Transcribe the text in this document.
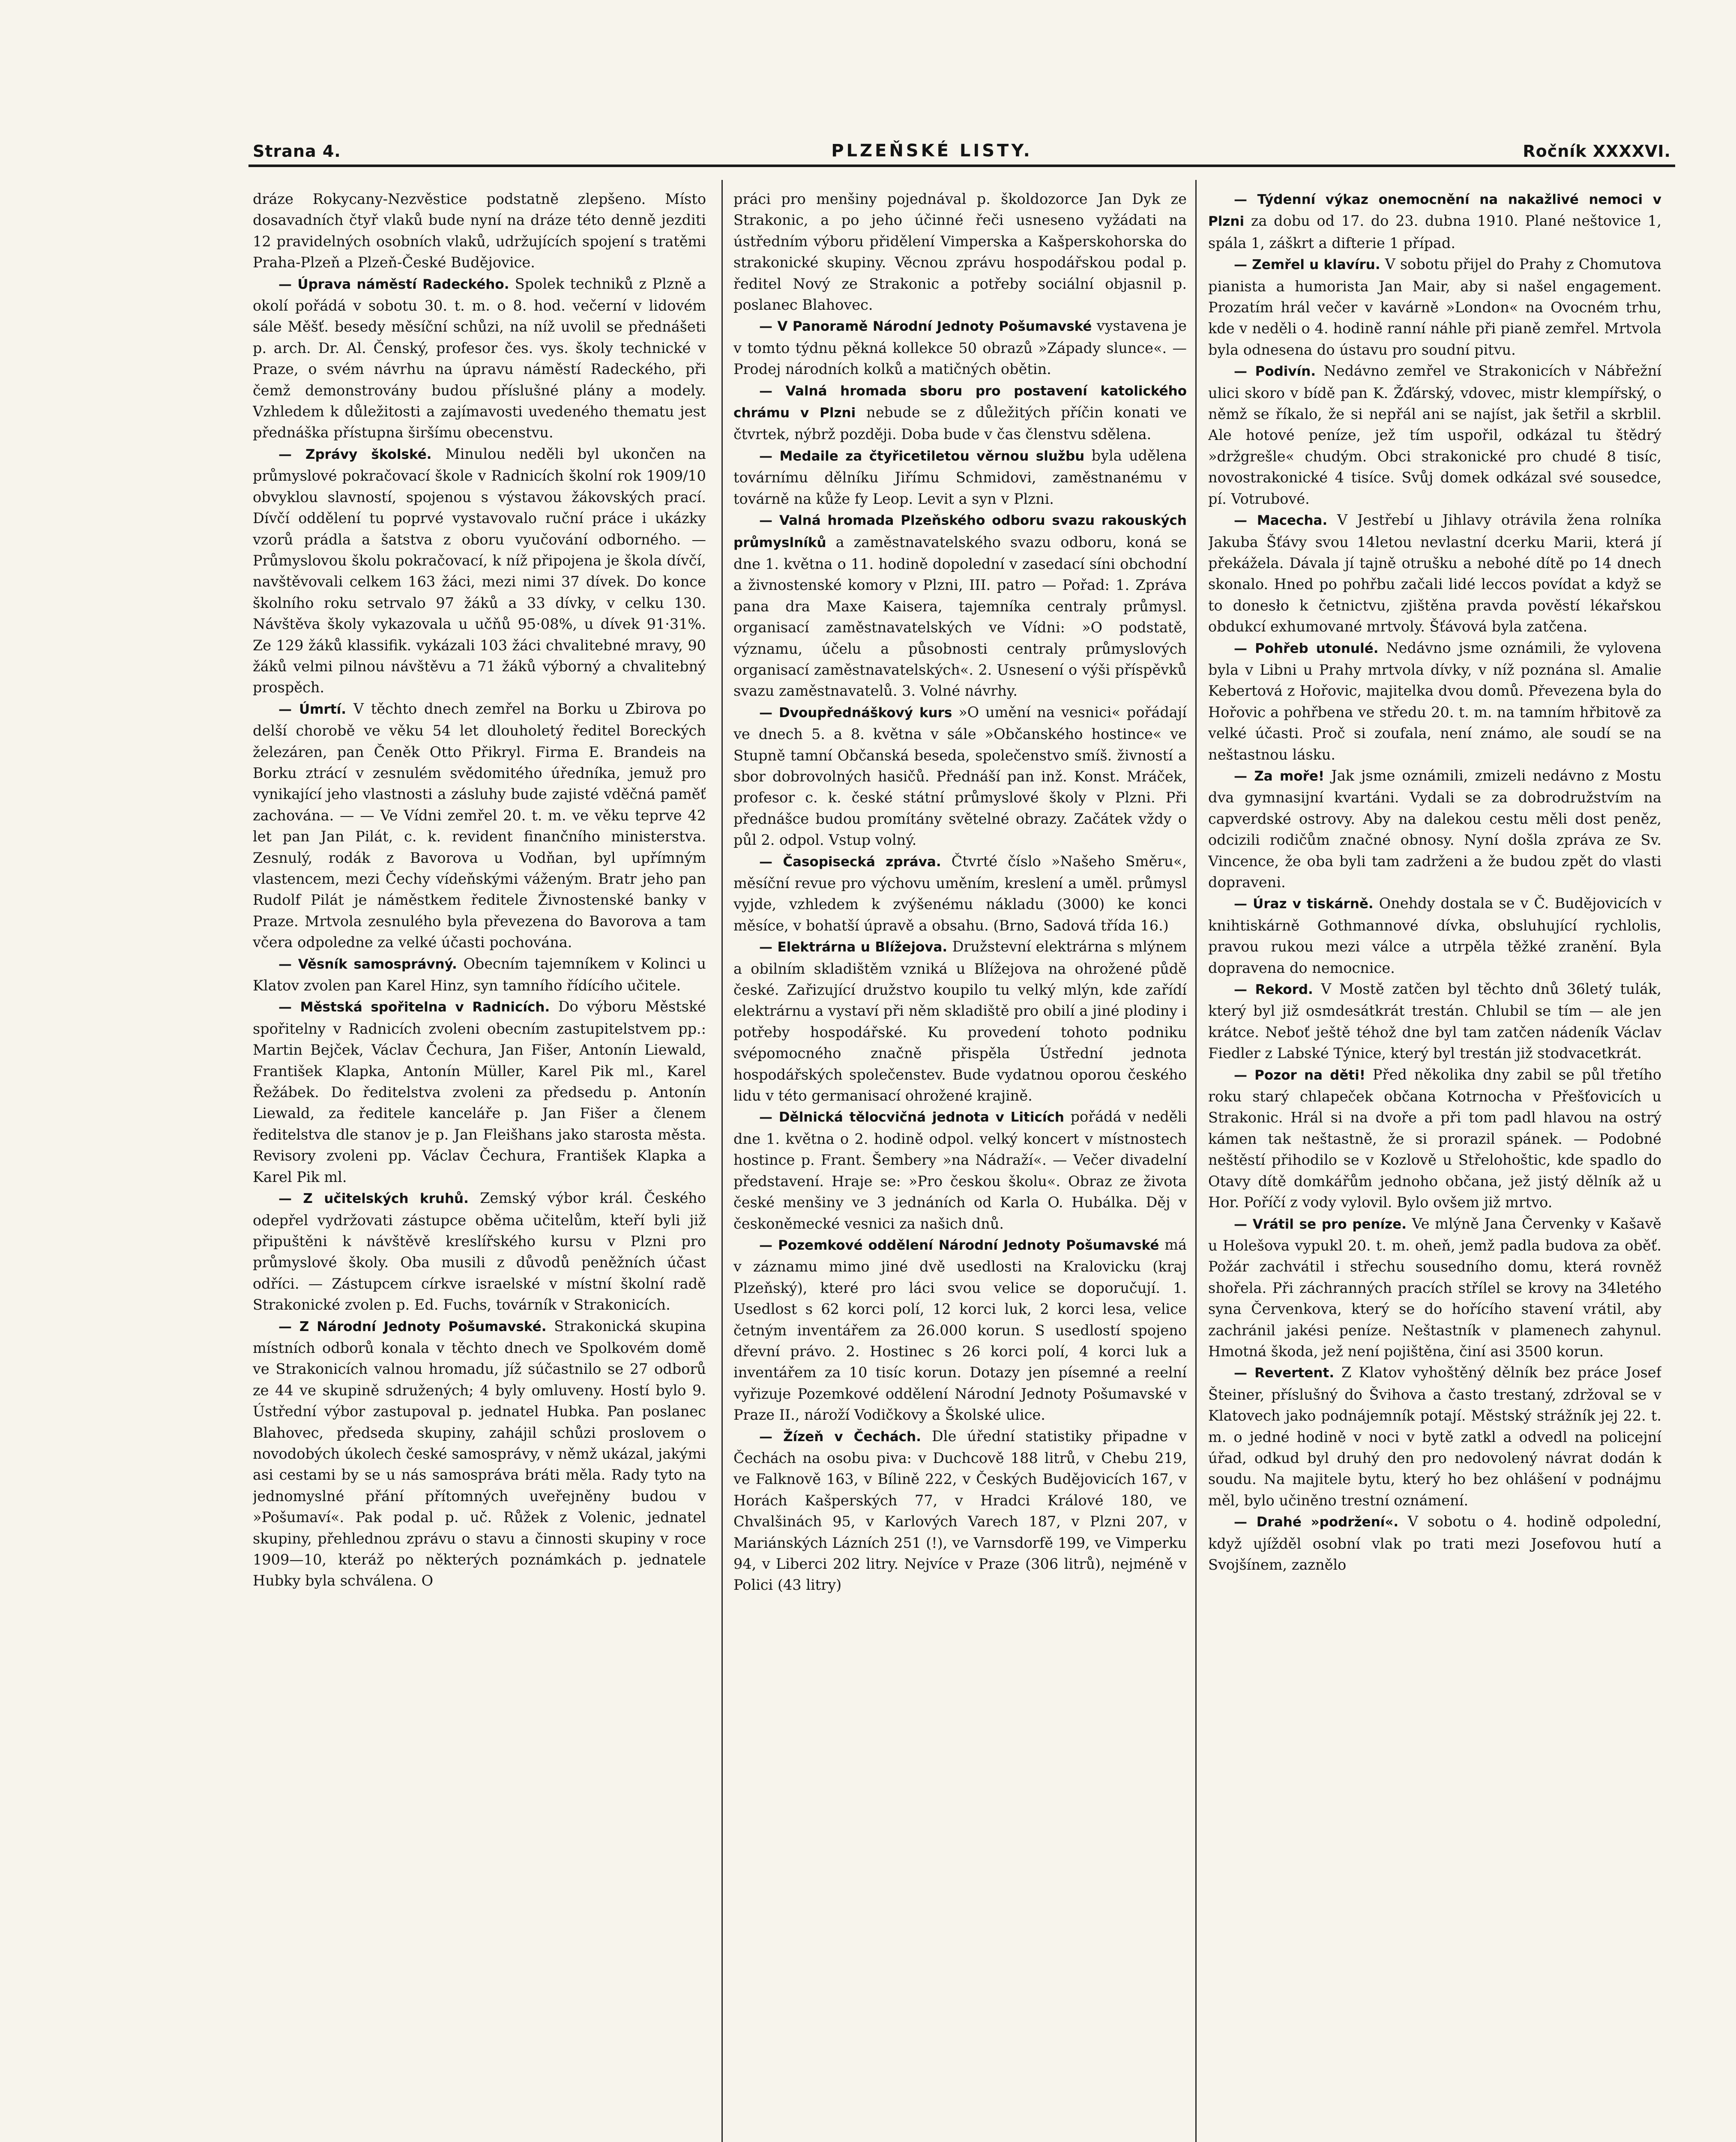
Strana 4.	PLZEŇSKÉ LISTY.	Ročník XXXXVI.

dráze Rokycany-Nezvěstice podstatně zlepšeno. Místo dosavadních čtyř vlaků bude nyní na dráze této denně jezditi 12 pravidelných osobních vlaků, udržujících spojení s tratěmi Praha-Plzeň a Plzeň-České Budějovice.

— Úprava náměstí Radeckého. Spolek techniků z Plzně a okolí pořádá v sobotu 30. t. m. o 8. hod. večerní v lidovém sále Měšť. besedy měsíční schůzi, na níž uvolil se přednášeti p. arch. Dr. Al. Čenský, profesor čes. vys. školy technické v Praze, o svém návrhu na úpravu náměstí Radeckého, při čemž demonstrovány budou příslušné plány a modely. Vzhledem k důležitosti a zajímavosti uvedeného thematu jest přednáška přístupna širšímu obecenstvu.

— Zprávy školské. Minulou neděli byl ukončen na průmyslové pokračovací škole v Radnicích školní rok 1909/10 obvyklou slavností, spojenou s výstavou žákovských prací. Dívčí oddělení tu poprvé vystavovalo ruční práce i ukázky vzorů prádla a šatstva z oboru vyučování odborného. — Průmyslovou školu pokračovací, k níž připojena je škola dívčí, navštěvovali celkem 163 žáci, mezi nimi 37 dívek. Do konce školního roku setrvalo 97 žáků a 33 dívky, v celku 130. Návštěva školy vykazovala u učňů 95·08%, u dívek 91·31%. Ze 129 žáků klassifik. vykázali 103 žáci chvalitebné mravy, 90 žáků velmi pilnou návštěvu a 71 žáků výborný a chvalitebný prospěch.

— Úmrtí. V těchto dnech zemřel na Borku u Zbirova po delší chorobě ve věku 54 let dlouholetý ředitel Boreckých železáren, pan Čeněk Otto Přikryl. Firma E. Brandeis na Borku ztrácí v zesnulém svědomitého úředníka, jemuž pro vynikající jeho vlastnosti a zásluhy bude zajisté vděčná paměť zachována. — — Ve Vídni zemřel 20. t. m. ve věku teprve 42 let pan Jan Pilát, c. k. revident finančního ministerstva. Zesnulý, rodák z Bavorova u Vodňan, byl upřímným vlastencem, mezi Čechy vídeňskými váženým. Bratr jeho pan Rudolf Pilát je náměstkem ředitele Živnostenské banky v Praze. Mrtvola zesnulého byla převezena do Bavorova a tam včera odpoledne za velké účasti pochována.

— Věsník samosprávný. Obecním tajemníkem v Kolinci u Klatov zvolen pan Karel Hinz, syn tamního řídícího učitele.

— Městská spořitelna v Radnicích. Do výboru Městské spořitelny v Radnicích zvoleni obecním zastupitelstvem pp.: Martin Bejček, Václav Čechura, Jan Fišer, Antonín Liewald, František Klapka, Antonín Müller, Karel Pik ml., Karel Řežábek. Do ředitelstva zvoleni za předsedu p. Antonín Liewald, za ředitele kanceláře p. Jan Fišer a členem ředitelstva dle stanov je p. Jan Fleišhans jako starosta města. Revisory zvoleni pp. Václav Čechura, František Klapka a Karel Pik ml.

— Z učitelských kruhů. Zemský výbor král. Českého odepřel vydržovati zástupce oběma učitelům, kteří byli již připuštěni k návštěvě kreslířského kursu v Plzni pro průmyslové školy. Oba musili z důvodů peněžních účast odříci. — Zástupcem církve israelské v místní školní radě Strakonické zvolen p. Ed. Fuchs, továrník v Strakonicích.

— Z Národní Jednoty Pošumavské. Strakonická skupina místních odborů konala v těchto dnech ve Spolkovém domě ve Strakonicích valnou hromadu, jíž súčastnilo se 27 odborů ze 44 ve skupině sdružených; 4 byly omluveny. Hostí bylo 9. Ústřední výbor zastupoval p. jednatel Hubka. Pan poslanec Blahovec, předseda skupiny, zahájil schůzi proslovem o novodobých úkolech české samosprávy, v němž ukázal, jakými asi cestami by se u nás samosprávа bráti měla. Rady tyto na jednomyslné přání přítomných uveřejněny budou v »Pošumaví«. Pak podal p. uč. Růžek z Volenic, jednatel skupiny, přehlednou zprávu o stavu a činnosti skupiny v roce 1909—10, kteráž po některých poznámkách p. jednatele Hubky byla schválena. O

práci pro menšiny pojednával p. školdozorce Jan Dyk ze Strakonic, a po jeho účinné řeči usneseno vyžádati na ústředním výboru přidělení Vimperska a Kašperskohorska do strakonické skupiny. Věcnou zprávu hospodářskou podal p. ředitel Nový ze Strakonic a potřeby sociální objasnil p. poslanec Blahovec.

— V Panoramě Národní Jednoty Pošumavské vystavena je v tomto týdnu pěkná kollekce 50 obrazů »Západy slunce«. — Prodej národních kolků a matičných obětin.

— Valná hromada sboru pro postavení katolického chrámu v Plzni nebude se z důležitých příčin konati ve čtvrtek, nýbrž později. Doba bude v čas členstvu sdělena.

— Medaile za čtyřicetiletou věrnou službu byla udělena továrnímu dělníku Jiřímu Schmidovi, zaměstnanému v továrně na kůže fy Leop. Levit a syn v Plzni.

— Valná hromada Plzeňského odboru svazu rakouských průmyslníků a zaměstnavatelského svazu odboru, koná se dne 1. května o 11. hodině dopolední v zasedací síni obchodní a živnostenské komory v Plzni, III. patro — Pořad: 1. Zpráva pana dra Maxe Kaisera, tajemníka centraly průmysl. organisací zaměstnavatelských ve Vídni: »O podstatě, významu, účelu a působnosti centraly průmyslových organisací zaměstnavatelských«. 2. Usnesení o výši příspěvků svazu zaměstnavatelů. 3. Volné návrhy.

— Dvoupřednáškový kurs »O umění na vesnici« pořádají ve dnech 5. a 8. května v sále »Občanského hostince« ve Stupně tamní Občanská beseda, společenstvo smíš. živností a sbor dobrovolných hasičů. Přednáší pan inž. Konst. Mráček, profesor c. k. české státní průmyslové školy v Plzni. Při přednášce budou promítány světelné obrazy. Začátek vždy o půl 2. odpol. Vstup volný.

— Časopisecká zpráva. Čtvrté číslo »Našeho Směru«, měsíční revue pro výchovu uměním, kreslení a uměl. průmysl vyjde, vzhledem k zvýšenému nákladu (3000) ke konci měsíce, v bohatší úpravě a obsahu. (Brno, Sadová třída 16.)

— Elektrárna u Blížejova. Družstevní elektrárna s mlýnem a obilním skladištěm vzniká u Blížejova na ohrožené půdě české. Zařizující družstvo koupilo tu velký mlýn, kde zařídí elektrárnu a vystaví při něm skladiště pro obilí a jiné plodiny i potřeby hospodářské. Ku provedení tohoto podniku svépomocného značně přispěla Ústřední jednota hospodářských společenstev. Bude vydatnou oporou českého lidu v této germanisací ohrožené krajině.

— Dělnická tělocvičná jednota v Liticích pořádá v neděli dne 1. května o 2. hodině odpol. velký koncert v místnostech hostince p. Frant. Šembery »na Nádraží«. — Večer divadelní představení. Hraje se: »Pro českou školu«. Obraz ze života české menšiny ve 3 jednáních od Karla O. Hubálka. Děj v českoněmecké vesnici za našich dnů.

— Pozemkové oddělení Národní Jednoty Pošumavské má v záznamu mimo jiné dvě usedlosti na Kralovicku (kraj Plzeňský), které pro láci svou velice se doporučují. 1. Usedlost s 62 korci polí, 12 korci luk, 2 korci lesa, velice četným inventářem za 26.000 korun. S usedlostí spojeno dřevní právo. 2. Hostinec s 26 korci polí, 4 korci luk a inventářem za 10 tisíc korun. Dotazy jen písemné a reelní vyřizuje Pozemkové oddělení Národní Jednoty Pošumavské v Praze II., nároží Vodičkovy a Školské ulice.

— Žízeň v Čechách. Dle úřední statistiky připadne v Čechách na osobu piva: v Duchcově 188 litrů, v Chebu 219, ve Falknově 163, v Bílině 222, v Českých Budějovicích 167, v Horách Kašperských 77, v Hradci Králové 180, ve Chvalšinách 95, v Karlových Varech 187, v Plzni 207, v Mariánských Lázních 251 (!), ve Varnsdorfě 199, ve Vimperku 94, v Liberci 202 litry. Nejvíce v Praze (306 litrů), nejméně v Polici (43 litry)

— Týdenní výkaz onemocnění na nakažlivé nemoci v Plzni za dobu od 17. do 23. dubna 1910. Plané neštovice 1, spála 1, záškrt a difterie 1 případ.

— Zemřel u klavíru. V sobotu přijel do Prahy z Chomutova pianista a humorista Jan Mair, aby si našel engagement. Prozatím hrál večer v kavárně »London« na Ovocném trhu, kde v neděli o 4. hodině ranní náhle při pianě zemřel. Mrtvola byla odnesena do ústavu pro soudní pitvu.

— Podivín. Nedávno zemřel ve Strakonicích v Nábřežní ulici skoro v bídě pan K. Žďárský, vdovec, mistr klempířský, o němž se říkalo, že si nepřál ani se najíst, jak šetřil a skrblil. Ale hotové peníze, jež tím uspořil, odkázal tu štědrý »držgrešle« chudým. Obci strakonické pro chudé 8 tisíc, novostrakonické 4 tisíce. Svůj domek odkázal své sousedce, pí. Votrubové.

— Macecha. V Jestřebí u Jihlavy otrávila žena rolníka Jakuba Šťávy svou 14letou nevlastní dcerku Marii, která jí překážela. Dávala jí tajně otrušku a nebohé dítě po 14 dnech skonalo. Hned po pohřbu začali lidé leccos povídat a když se to donesło k četnictvu, zjištěna pravda pověstí lékařskou obdukcí exhumované mrtvoly. Šťávová byla zatčena.

— Pohřeb utonulé. Nedávno jsme oznámili, že vylovena byla v Libni u Prahy mrtvola dívky, v níž poznána sl. Amalie Kebertová z Hořovic, majitelka dvou domů. Převezena byla do Hořovic a pohřbena ve středu 20. t. m. na tamním hřbitově za velké účasti. Proč si zoufala, není známo, ale soudí se na neštastnou lásku.

— Za moře! Jak jsme oznámili, zmizeli nedávno z Mostu dva gymnasijní kvartáni. Vydali se za dobrodružstvím na capverdské ostrovy. Aby na dalekou cestu měli dost peněz, odcizili rodičům značné obnosy. Nyní došla zpráva ze Sv. Vincence, že oba byli tam zadrženi a že budou zpět do vlasti dopraveni.

— Úraz v tiskárně. Onehdy dostala se v Č. Budějovicích v knihtiskárně Gothmannové dívka, obsluhující rychlolis, pravou rukou mezi válce a utrpěla těžké zranění. Byla dopravena do nemocnice.

— Rekord. V Mostě zatčen byl těchto dnů 36letý tulák, který byl již osmdesátkrát trestán. Chlubil se tím — ale jen krátce. Neboť ještě téhož dne byl tam zatčen nádeník Václav Fiedler z Labské Týnice, který byl trestán již stodvacetkrát.

— Pozor na děti! Před několika dny zabil se půl třetího roku starý chlapeček občana Kotrnocha v Přešťovicích u Strakonic. Hrál si na dvoře a při tom padl hlavou na ostrý kámen tak neštastně, že si prorazil spánek. — Podobné neštěstí přihodilo se v Kozlově u Střelohoštic, kde spadlo do Otavy dítě domkářům jednoho občana, jež jistý dělník až u Hor. Poříčí z vody vylovil. Bylo ovšem již mrtvo.

— Vrátil se pro peníze. Ve mlýně Jana Červenky v Kašavě u Holešova vypukl 20. t. m. oheň, jemž padla budova za oběť. Požár zachvátil i střechu sousedního domu, která rovněž shořela. Při záchranných pracích střílel se krovy na 34letého syna Červenkova, který se do hořícího stavení vrátil, aby zachránil jakési peníze. Neštastník v plamenech zahynul. Hmotná škoda, jež není pojištěna, činí asi 3500 korun.

— Revertent. Z Klatov vyhoštěný dělník bez práce Josef Šteiner, příslušný do Švihova a často trestaný, zdržoval se v Klatovech jako podnájemník potají. Městský strážník jej 22. t. m. o jedné hodině v noci v bytě zatkl a odvedl na policejní úřad, odkud byl druhý den pro nedovolený návrat dodán k soudu. Na majitele bytu, který ho bez ohlášení v podnájmu měl, bylo učiněno trestní oznámení.

— Drahé »podržení«. V sobotu o 4. hodině odpolední, když ujížděl osobní vlak po trati mezi Josefovou hutí a Svojšínem, zaznělo
